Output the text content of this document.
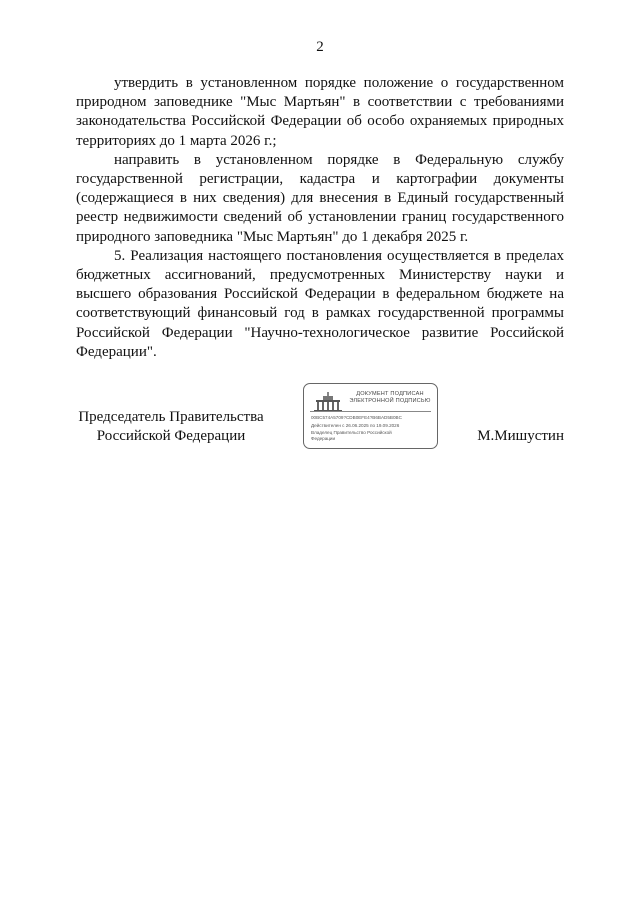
2

утвердить в установленном порядке положение о государственном природном заповеднике "Мыс Мартьян" в соответствии с требованиями законодательства Российской Федерации об особо охраняемых природных территориях до 1 марта 2026 г.;

направить в установленном порядке в Федеральную службу государственной регистрации, кадастра и картографии документы (содержащиеся в них сведения) для внесения в Единый государственный реестр недвижимости сведений об установлении границ государственного природного заповедника "Мыс Мартьян" до 1 декабря 2025 г.

5. Реализация настоящего постановления осуществляется в пределах бюджетных ассигнований, предусмотренных Министерству науки и высшего образования Российской Федерации в федеральном бюджете на соответствующий финансовый год в рамках государственной программы Российской Федерации "Научно-технологическое развитие Российской Федерации".

Председатель Правительства
Российской Федерации
ДОКУМЕНТ ПОДПИСАН
ЭЛЕКТРОННОЙ ПОДПИСЬЮ
00BC574A5709?CDB0EFE4?B6BAD5B0BC
Действителен с 26.06.2025 по 19.09.2026
Владелец Правительство Российской
Федерации	М.Мишустин
